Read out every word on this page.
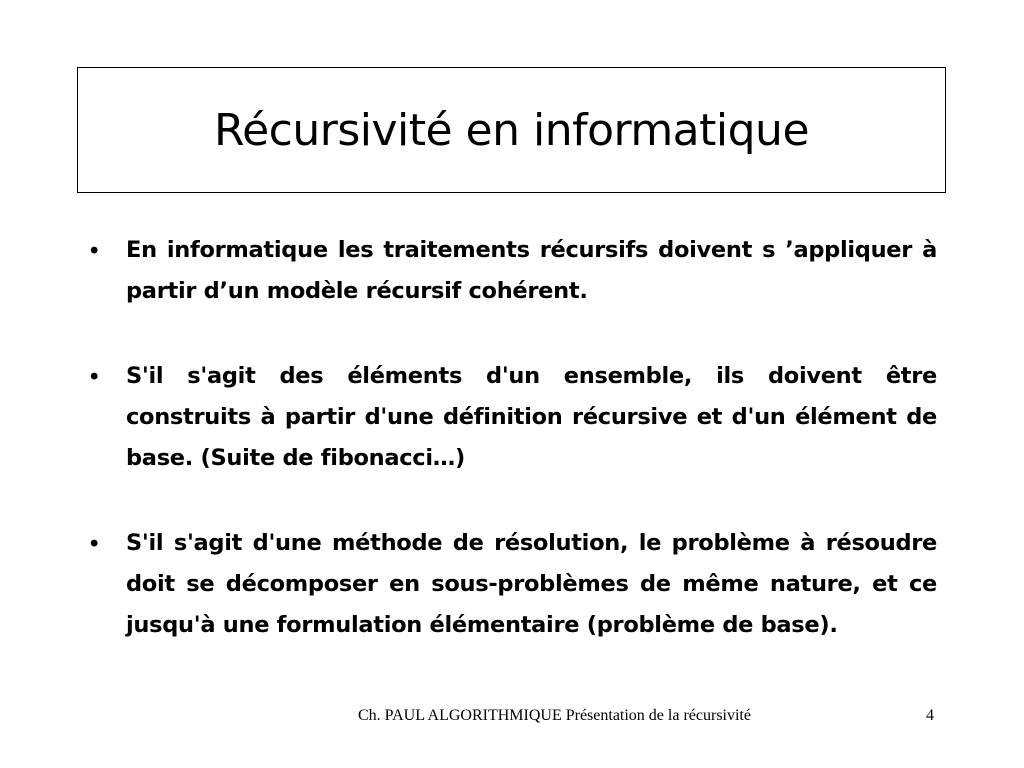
Récursivité en informatique
• En informatique les traitements récursifs doivent s ’appliquer à partir d’un modèle récursif cohérent.
• S'il s'agit des éléments d'un ensemble, ils doivent être construits à partir d'une définition récursive et d'un élément de base. (Suite de fibonacci…)
• S'il s'agit d'une méthode de résolution, le problème à résoudre doit se décomposer en sous-problèmes de même nature, et ce jusqu'à une formulation élémentaire (problème de base).
Ch. PAUL ALGORITHMIQUE Présentation de la récursivité	4
